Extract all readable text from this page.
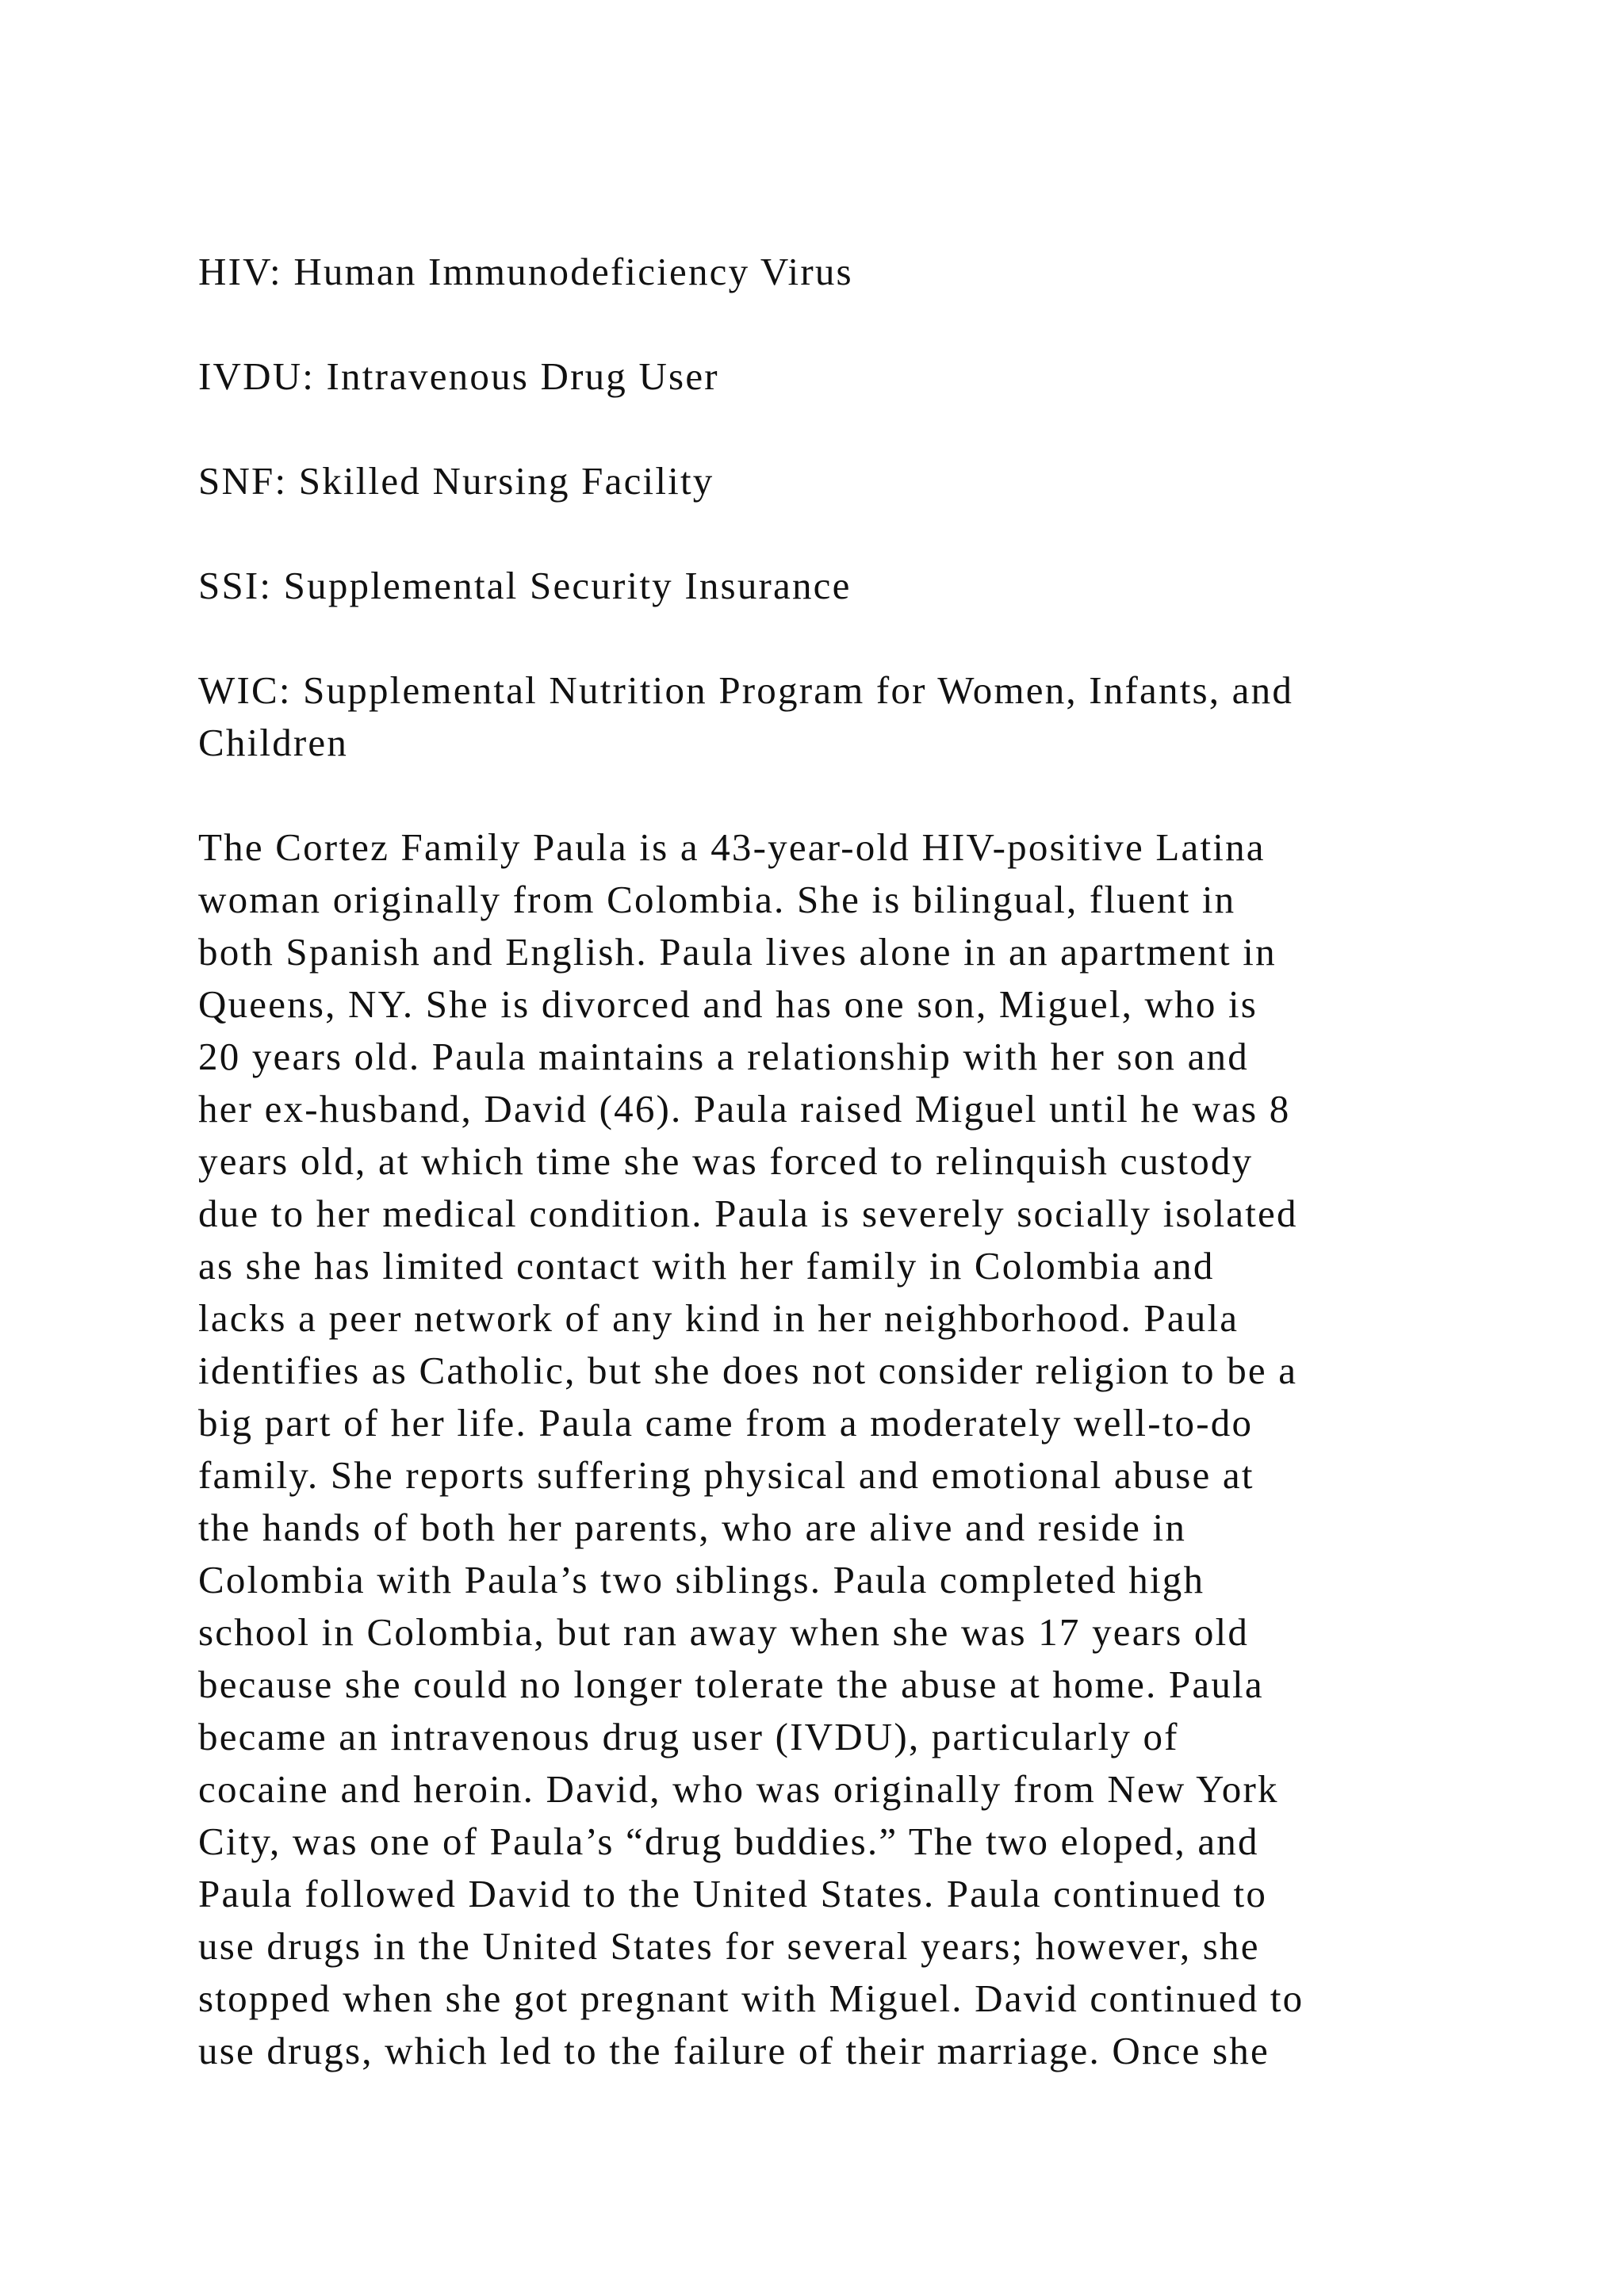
HIV: Human Immunodeficiency Virus

IVDU: Intravenous Drug User

SNF: Skilled Nursing Facility

SSI: Supplemental Security Insurance

WIC: Supplemental Nutrition Program for Women, Infants, and
Children

The Cortez Family Paula is a 43-year-old HIV-positive Latina
woman originally from Colombia. She is bilingual, fluent in
both Spanish and English. Paula lives alone in an apartment in
Queens, NY. She is divorced and has one son, Miguel, who is
20 years old. Paula maintains a relationship with her son and
her ex-husband, David (46). Paula raised Miguel until he was 8
years old, at which time she was forced to relinquish custody
due to her medical condition. Paula is severely socially isolated
as she has limited contact with her family in Colombia and
lacks a peer network of any kind in her neighborhood. Paula
identifies as Catholic, but she does not consider religion to be a
big part of her life. Paula came from a moderately well-to-do
family. She reports suffering physical and emotional abuse at
the hands of both her parents, who are alive and reside in
Colombia with Paula’s two siblings. Paula completed high
school in Colombia, but ran away when she was 17 years old
because she could no longer tolerate the abuse at home. Paula
became an intravenous drug user (IVDU), particularly of
cocaine and heroin. David, who was originally from New York
City, was one of Paula’s “drug buddies.” The two eloped, and
Paula followed David to the United States. Paula continued to
use drugs in the United States for several years; however, she
stopped when she got pregnant with Miguel. David continued to
use drugs, which led to the failure of their marriage. Once she
